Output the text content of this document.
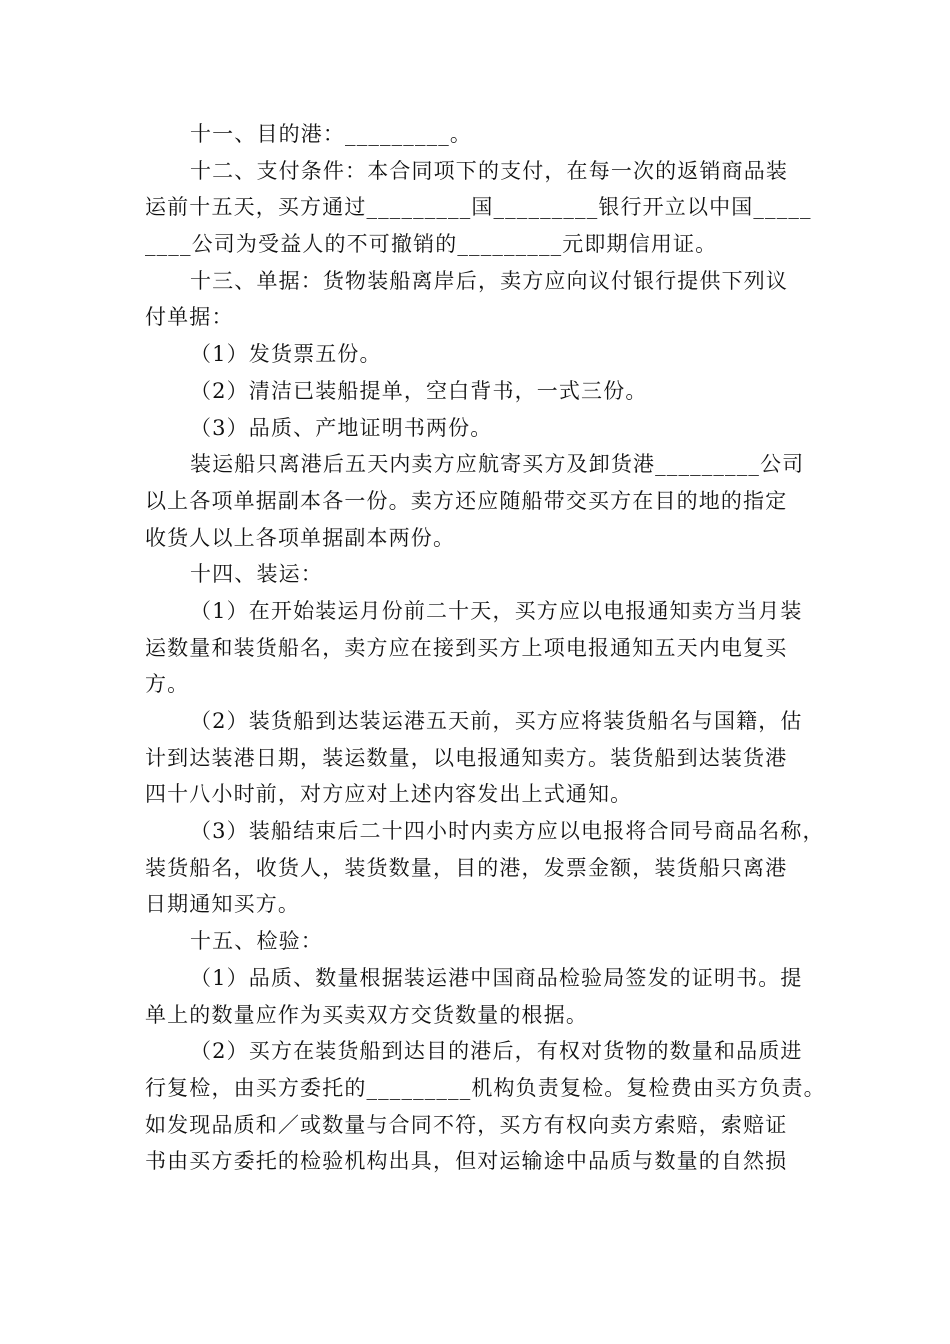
十一、目的港：_________。
十二、支付条件：本合同项下的支付，在每一次的返销商品装
运前十五天，买方通过_________国_________银行开立以中国_____
____公司为受益人的不可撤销的_________元即期信用证。
十三、单据：货物装船离岸后，卖方应向议付银行提供下列议
付单据：
（1）发货票五份。
（2）清洁已装船提单，空白背书，一式三份。
（3）品质、产地证明书两份。
装运船只离港后五天内卖方应航寄买方及卸货港_________公司
以上各项单据副本各一份。卖方还应随船带交买方在目的地的指定
收货人以上各项单据副本两份。
十四、装运：
（1）在开始装运月份前二十天，买方应以电报通知卖方当月装
运数量和装货船名，卖方应在接到买方上项电报通知五天内电复买
方。
（2）装货船到达装运港五天前，买方应将装货船名与国籍，估
计到达装港日期，装运数量，以电报通知卖方。装货船到达装货港
四十八小时前，对方应对上述内容发出上式通知。
（3）装船结束后二十四小时内卖方应以电报将合同号商品名称，
装货船名，收货人，装货数量，目的港，发票金额，装货船只离港
日期通知买方。
十五、检验：
（1）品质、数量根据装运港中国商品检验局签发的证明书。提
单上的数量应作为买卖双方交货数量的根据。
（2）买方在装货船到达目的港后，有权对货物的数量和品质进
行复检，由买方委托的_________机构负责复检。复检费由买方负责。
如发现品质和／或数量与合同不符，买方有权向卖方索赔，索赔证
书由买方委托的检验机构出具，但对运输途中品质与数量的自然损
